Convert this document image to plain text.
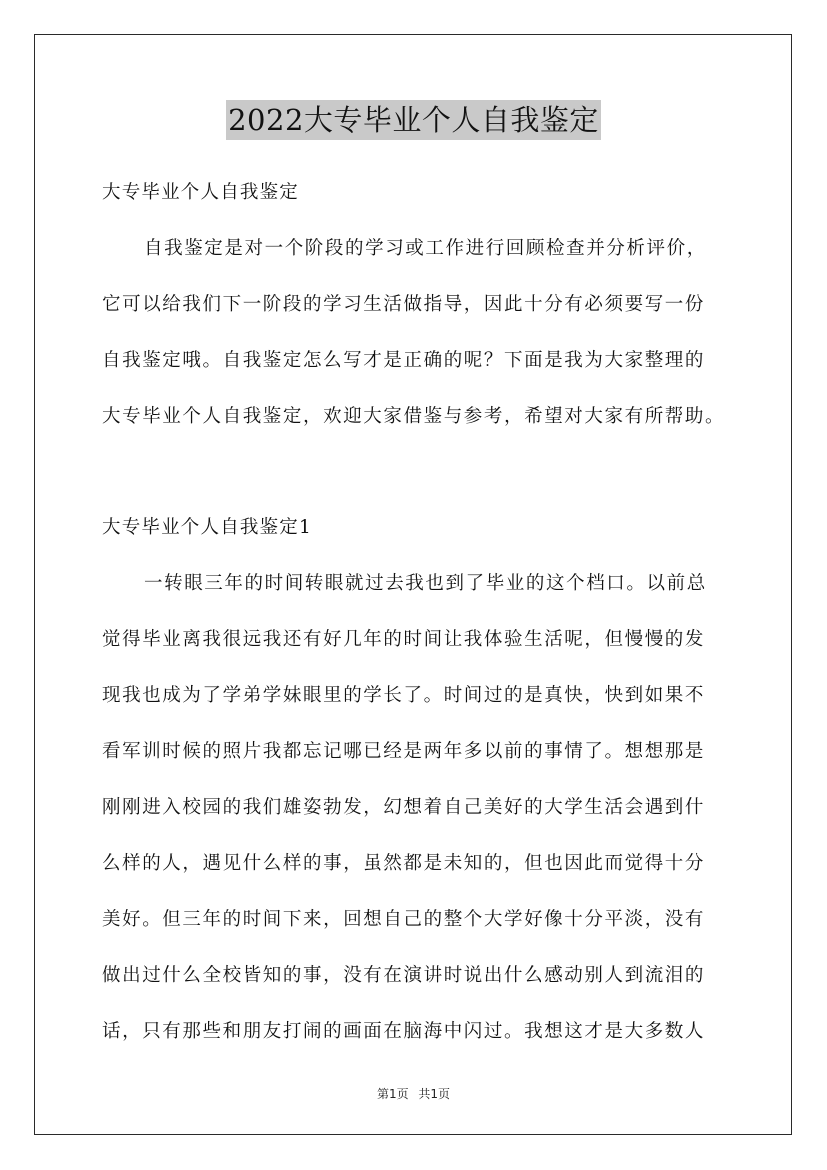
2022大专毕业个人自我鉴定
大专毕业个人自我鉴定
自我鉴定是对一个阶段的学习或工作进行回顾检查并分析评价，
它可以给我们下一阶段的学习生活做指导，因此十分有必须要写一份
自我鉴定哦。自我鉴定怎么写才是正确的呢？下面是我为大家整理的
大专毕业个人自我鉴定，欢迎大家借鉴与参考，希望对大家有所帮助。
大专毕业个人自我鉴定1
一转眼三年的时间转眼就过去我也到了毕业的这个档口。以前总
觉得毕业离我很远我还有好几年的时间让我体验生活呢，但慢慢的发
现我也成为了学弟学妹眼里的学长了。时间过的是真快，快到如果不
看军训时候的照片我都忘记哪已经是两年多以前的事情了。想想那是
刚刚进入校园的我们雄姿勃发，幻想着自己美好的大学生活会遇到什
么样的人，遇见什么样的事，虽然都是未知的，但也因此而觉得十分
美好。但三年的时间下来，回想自己的整个大学好像十分平淡，没有
做出过什么全校皆知的事，没有在演讲时说出什么感动别人到流泪的
话，只有那些和朋友打闹的画面在脑海中闪过。我想这才是大多数人
第1页 共1页
